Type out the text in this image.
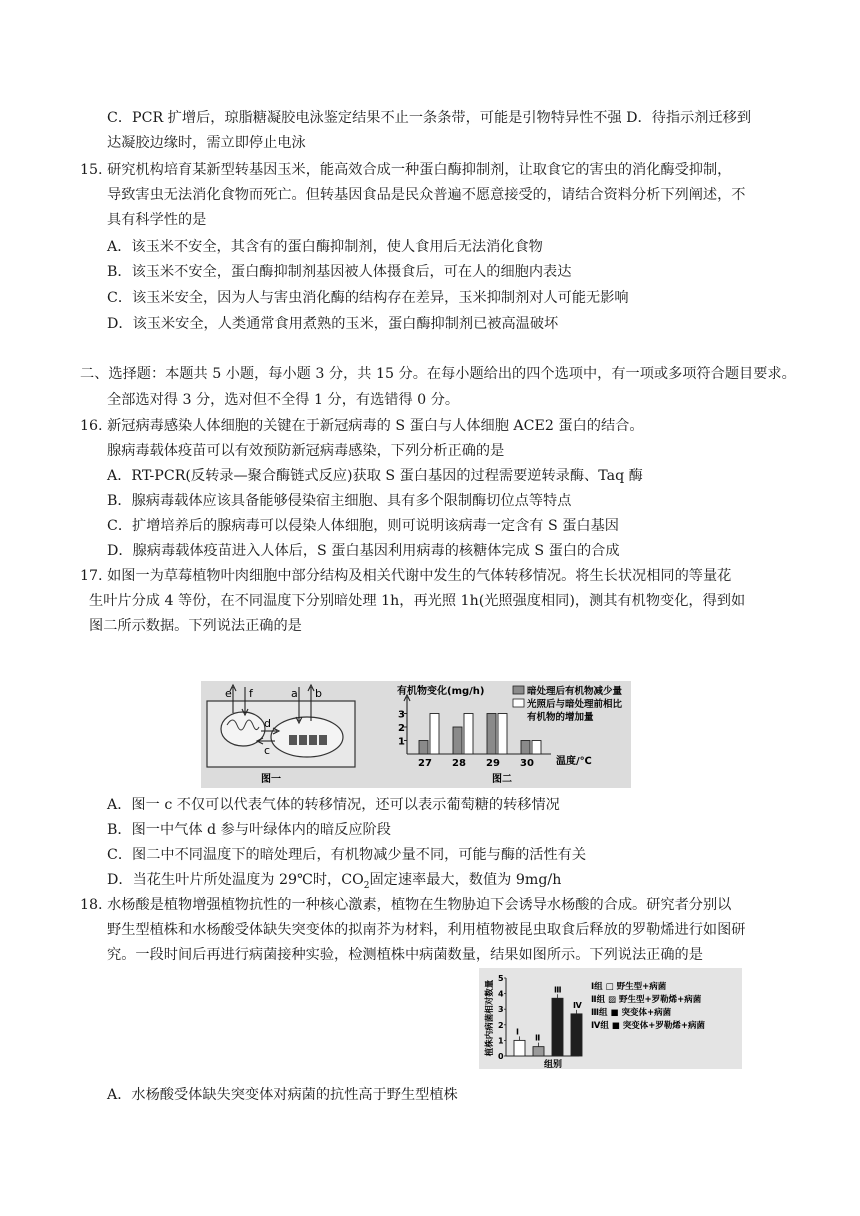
C．PCR 扩增后，琼脂糖凝胶电泳鉴定结果不止一条条带，可能是引物特异性不强 D．待指示剂迁移到
达凝胶边缘时，需立即停止电泳
15. 研究机构培育某新型转基因玉米，能高效合成一种蛋白酶抑制剂，让取食它的害虫的消化酶受抑制，
导致害虫无法消化食物而死亡。但转基因食品是民众普遍不愿意接受的，请结合资料分析下列阐述，不
具有科学性的是
A．该玉米不安全，其含有的蛋白酶抑制剂，使人食用后无法消化食物
B．该玉米不安全，蛋白酶抑制剂基因被人体摄食后，可在人的细胞内表达
C．该玉米安全，因为人与害虫消化酶的结构存在差异，玉米抑制剂对人可能无影响
D．该玉米安全，人类通常食用煮熟的玉米，蛋白酶抑制剂已被高温破坏
二、选择题：本题共 5 小题，每小题 3 分，共 15 分。在每小题给出的四个选项中，有一项或多项符合题目要求。
全部选对得 3 分，选对但不全得 1 分，有选错得 0 分。
16. 新冠病毒感染人体细胞的关键在于新冠病毒的 S 蛋白与人体细胞 ACE2 蛋白的结合。
腺病毒载体疫苗可以有效预防新冠病毒感染，下列分析正确的是
A．RT-PCR(反转录—聚合酶链式反应)获取 S 蛋白基因的过程需要逆转录酶、Taq 酶
B．腺病毒载体应该具备能够侵染宿主细胞、具有多个限制酶切位点等特点
C．扩增培养后的腺病毒可以侵染人体细胞，则可说明该病毒一定含有 S 蛋白基因
D．腺病毒载体疫苗进入人体后，S 蛋白基因利用病毒的核糖体完成 S 蛋白的合成
17. 如图一为草莓植物叶肉细胞中部分结构及相关代谢中发生的气体转移情况。将生长状况相同的等量花
生叶片分成 4 等份，在不同温度下分别暗处理 1h，再光照 1h(光照强度相同)，测其有机物变化，得到如
图二所示数据。下列说法正确的是
e f	a b
d
c
图一
有机物变化(mg/h)
1
2
3
27 28 29 30 温度/℃
暗处理后有机物减少量
光照后与暗处理前相比
有机物的增加量
图二
A．图一 c 不仅可以代表气体的转移情况，还可以表示葡萄糖的转移情况
B．图一中气体 d 参与叶绿体内的暗反应阶段
C．图二中不同温度下的暗处理后，有机物减少量不同，可能与酶的活性有关
D．当花生叶片所处温度为 29℃时，$CO_2$固定速率最大，数值为 9mg/h
18. 水杨酸是植物增强植物抗性的一种核心激素，植物在生物胁迫下会诱导水杨酸的合成。研究者分别以
野生型植株和水杨酸受体缺失突变体的拟南芥为材料，利用植物被昆虫取食后释放的罗勒烯进行如图研
究。一段时间后再进行病菌接种实验，检测植株中病菌数量，结果如图所示。下列说法正确的是
植株内病菌相对数量
0
1
2
3
4
5
Ⅰ
Ⅱ
Ⅲ
Ⅳ
组别
Ⅰ组 □ 野生型+病菌
Ⅱ组 ▨ 野生型+罗勒烯+病菌
Ⅲ组 ■ 突变体+病菌
Ⅳ组 ■ 突变体+罗勒烯+病菌
A．水杨酸受体缺失突变体对病菌的抗性高于野生型植株
